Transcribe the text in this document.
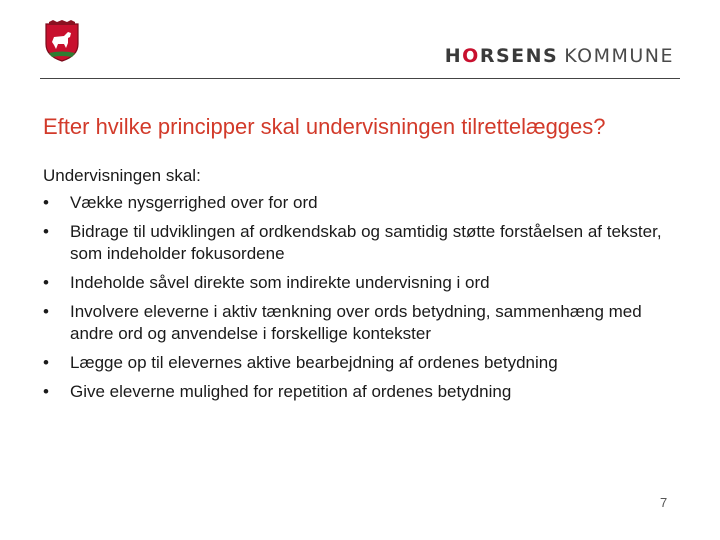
HORSENS KOMMUNE
Efter hvilke principper skal undervisningen tilrettelægges?
Undervisningen skal:
• Vække nysgerrighed over for ord
• Bidrage til udviklingen af ordkendskab og samtidig støtte forståelsen af tekster, som indeholder fokusordene
• Indeholde såvel direkte som indirekte undervisning i ord
• Involvere eleverne i aktiv tænkning over ords betydning, sammenhæng med andre ord og anvendelse i forskellige kontekster
• Lægge op til elevernes aktive bearbejdning af ordenes betydning
• Give eleverne mulighed for repetition af ordenes betydning
7
